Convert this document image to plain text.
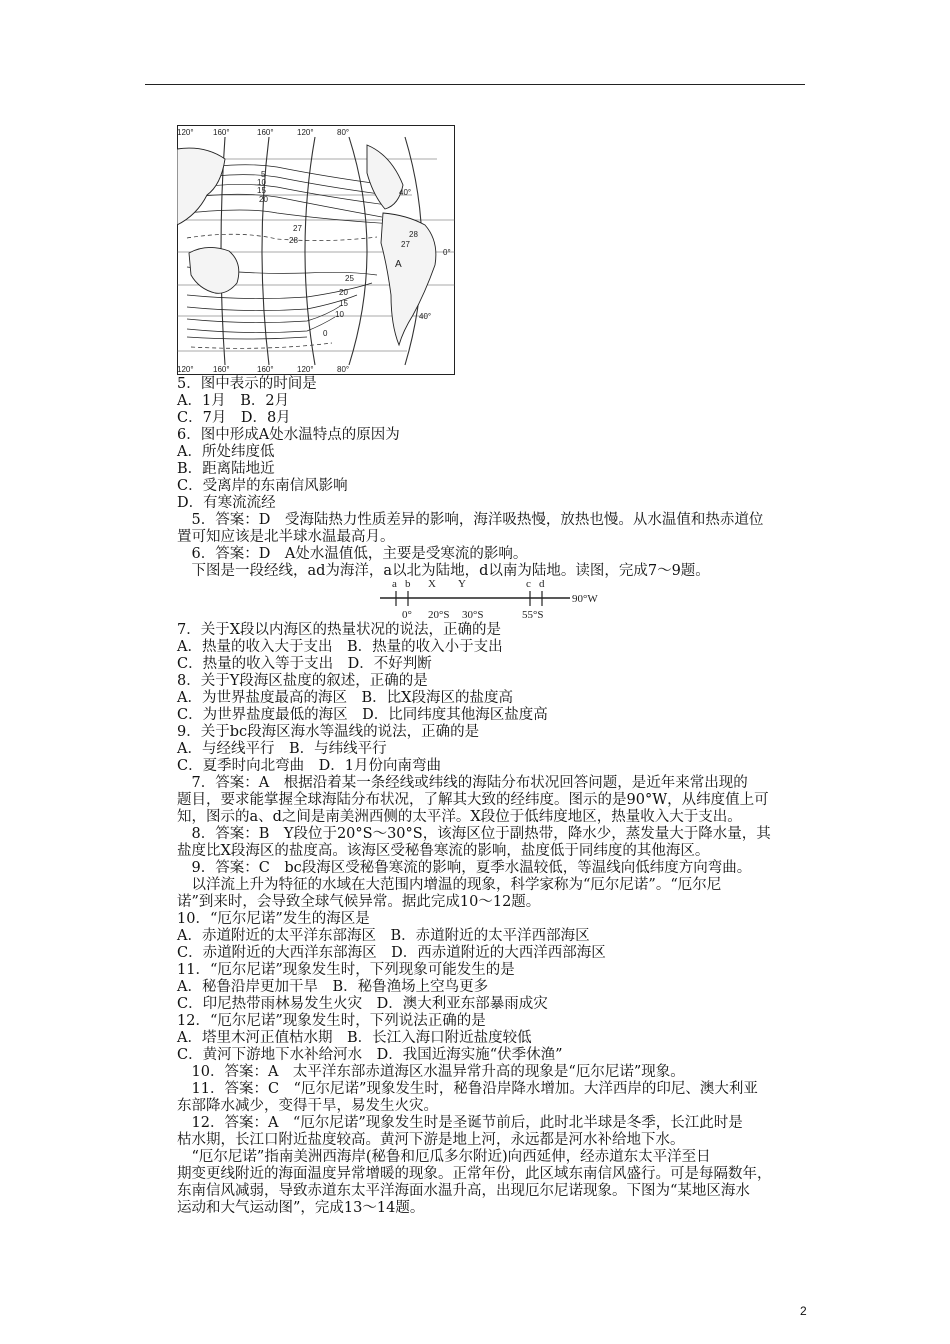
120° 160°	160°	120°	80°
120° 160°	160°	120°	80°
40°
0°
40°
5
10
15
20
27
28
28
27
25
20
15
10
0
A
5．图中表示的时间是
A．1月　B．2月
C．7月　D．8月
6．图中形成A处水温特点的原因为
A．所处纬度低
B．距离陆地近
C．受离岸的东南信风影响
D．有寒流流经
　5．答案：D　受海陆热力性质差异的影响，海洋吸热慢，放热也慢。从水温值和热赤道位
置可知应该是北半球水温最高月。
　6．答案：D　A处水温值低，主要是受寒流的影响。
　下图是一段经线，ad为海洋，a以北为陆地，d以南为陆地。读图，完成7～9题。
a b X Y	c d
0° 20°S 30°S	55°S
90°W
7．关于X段以内海区的热量状况的说法，正确的是
A．热量的收入大于支出　B．热量的收入小于支出
C．热量的收入等于支出　D．不好判断
8．关于Y段海区盐度的叙述，正确的是
A．为世界盐度最高的海区　B．比X段海区的盐度高
C．为世界盐度最低的海区　D．比同纬度其他海区盐度高
9．关于bc段海区海水等温线的说法，正确的是
A．与经线平行　B．与纬线平行
C．夏季时向北弯曲　D．1月份向南弯曲
　7．答案：A　根据沿着某一条经线或纬线的海陆分布状况回答问题，是近年来常出现的
题目，要求能掌握全球海陆分布状况，了解其大致的经纬度。图示的是90°W，从纬度值上可
知，图示的a、d之间是南美洲西侧的太平洋。X段位于低纬度地区，热量收入大于支出。
　8．答案：B　Y段位于20°S～30°S，该海区位于副热带，降水少，蒸发量大于降水量，其
盐度比X段海区的盐度高。该海区受秘鲁寒流的影响，盐度低于同纬度的其他海区。
　9．答案：C　bc段海区受秘鲁寒流的影响，夏季水温较低，等温线向低纬度方向弯曲。
　以洋流上升为特征的水域在大范围内增温的现象，科学家称为“厄尔尼诺”。“厄尔尼
诺”到来时，会导致全球气候异常。据此完成10～12题。
10．“厄尔尼诺”发生的海区是
A．赤道附近的太平洋东部海区　B．赤道附近的太平洋西部海区
C．赤道附近的大西洋东部海区　D．西赤道附近的大西洋西部海区
11．“厄尔尼诺”现象发生时，下列现象可能发生的是
A．秘鲁沿岸更加干旱　B．秘鲁渔场上空鸟更多
C．印尼热带雨林易发生火灾　D．澳大利亚东部暴雨成灾
12．“厄尔尼诺”现象发生时，下列说法正确的是
A．塔里木河正值枯水期　B．长江入海口附近盐度较低
C．黄河下游地下水补给河水　D．我国近海实施“伏季休渔”
　10．答案：A　太平洋东部赤道海区水温异常升高的现象是“厄尔尼诺”现象。
　11．答案：C　“厄尔尼诺”现象发生时，秘鲁沿岸降水增加。大洋西岸的印尼、澳大利亚
东部降水减少，变得干旱，易发生火灾。
　12．答案：A　“厄尔尼诺”现象发生时是圣诞节前后，此时北半球是冬季，长江此时是
枯水期，长江口附近盐度较高。黄河下游是地上河，永远都是河水补给地下水。
　“厄尔尼诺”指南美洲西海岸(秘鲁和厄瓜多尔附近)向西延伸，经赤道东太平洋至日
期变更线附近的海面温度异常增暖的现象。正常年份，此区域东南信风盛行。可是每隔数年，
东南信风减弱，导致赤道东太平洋海面水温升高，出现厄尔尼诺现象。下图为“某地区海水
运动和大气运动图”，完成13～14题。
2
